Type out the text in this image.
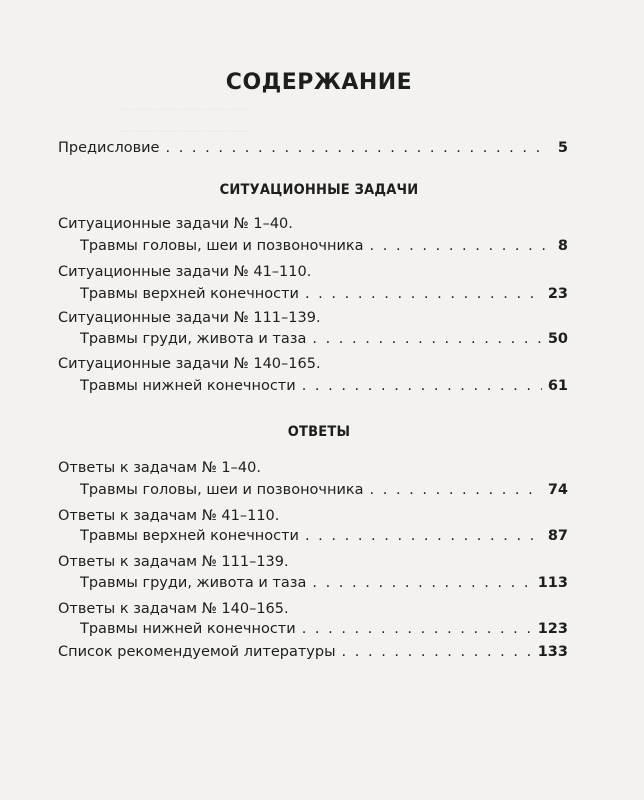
............................................
............................................

СОДЕРЖАНИЕ
Предисловие . . .	5
СИТУАЦИОННЫЕ ЗАДАЧИ
Ситуационные задачи № 1–40.
Травмы головы, шеи и позвоночника . . .	8
Ситуационные задачи № 41–110.
Травмы верхней конечности . . .	23
Ситуационные задачи № 111–139.
Травмы груди, живота и таза . . .	50
Ситуационные задачи № 140–165.
Травмы нижней конечности . . .	61
ОТВЕТЫ
Ответы к задачам № 1–40.
Травмы головы, шеи и позвоночника . . .	74
Ответы к задачам № 41–110.
Травмы верхней конечности . . .	87
Ответы к задачам № 111–139.
Травмы груди, живота и таза . . .	113
Ответы к задачам № 140–165.
Травмы нижней конечности . . .	123
Список рекомендуемой литературы . . .	133
